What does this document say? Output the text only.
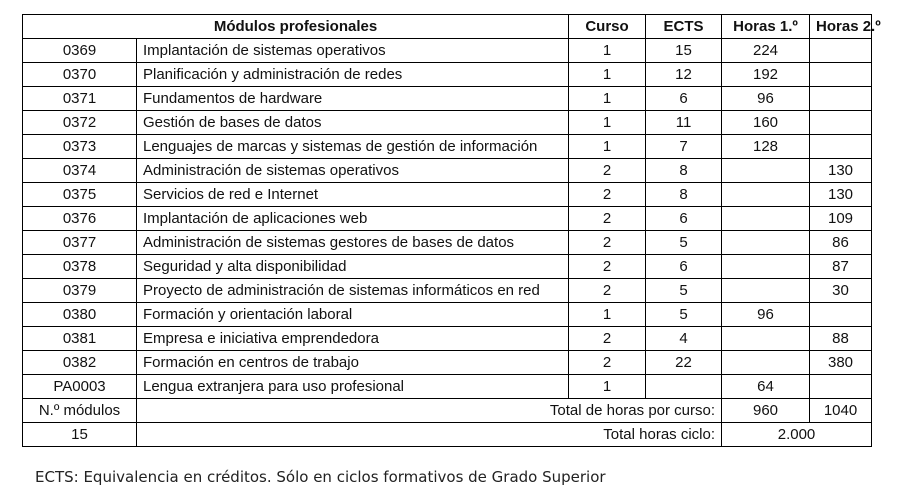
Módulos profesionales		Curso	ECTS	Horas 1.º	Horas 2.º
0369	Implantación de sistemas operativos	1	15	224	
0370	Planificación y administración de redes	1	12	192	
0371	Fundamentos de hardware	1	6	96	
0372	Gestión de bases de datos	1	11	160	
0373	Lenguajes de marcas y sistemas de gestión de información	1	7	128	
0374	Administración de sistemas operativos	2	8		130
0375	Servicios de red e Internet	2	8		130
0376	Implantación de aplicaciones web	2	6		109
0377	Administración de sistemas gestores de bases de datos	2	5		86
0378	Seguridad y alta disponibilidad	2	6		87
0379	Proyecto de administración de sistemas informáticos en red	2	5		30
0380	Formación y orientación laboral	1	5	96	
0381	Empresa e iniciativa emprendedora	2	4		88
0382	Formación en centros de trabajo	2	22		380
PA0003	Lengua extranjera para uso profesional	1		64	
N.º módulos	Total de horas por curso:			960	1040
15	Total horas ciclo:			2.000	
ECTS: Equivalencia en créditos. Sólo en ciclos formativos de Grado Superior
